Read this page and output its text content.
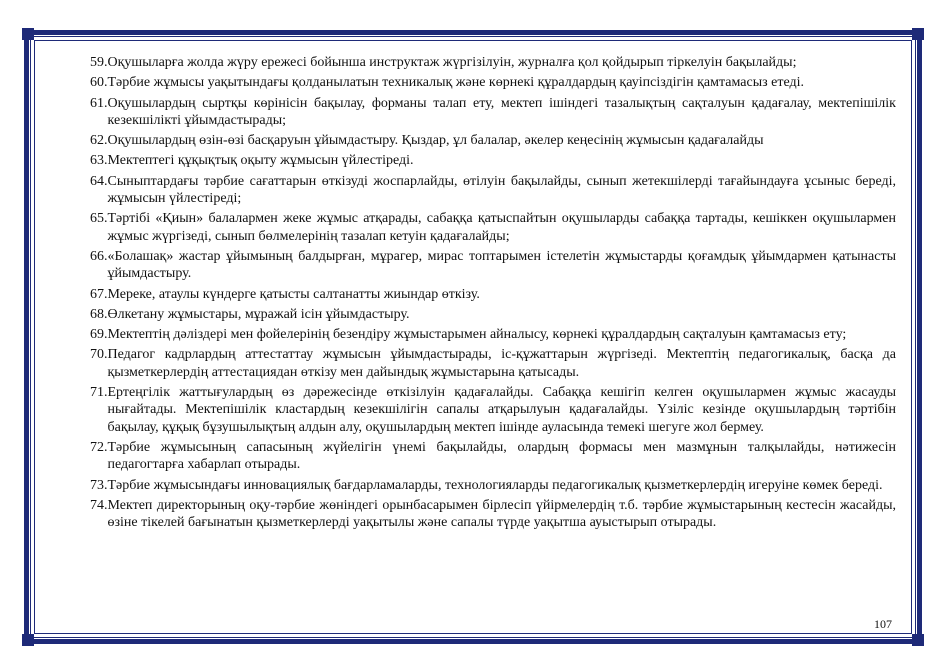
59. Оқушыларға жолда жүру ережесі бойынша инструктаж жүргізілуін, журналға қол қойдырып тіркелуін бақылайды;
60. Тәрбие жұмысы уақытындағы қолданылатын техникалық және көрнекі құралдардың қауіпсіздігін қамтамасыз етеді.
61. Оқушылардың сыртқы көрінісін бақылау, форманы талап ету, мектеп ішіндегі тазалықтың сақталуын қадағалау, мектепішілік кезекшілікті ұйымдастырады;
62. Оқушылардың өзін-өзі басқаруын ұйымдастыру. Қыздар, ұл балалар, әкелер кеңесінің жұмысын қадағалайды
63. Мектептегі құқықтық оқыту жұмысын үйлестіреді.
64. Сыныптардағы тәрбие сағаттарын өткізуді жоспарлайды, өтілуін бақылайды, сынып жетекшілерді тағайындауға ұсыныс береді, жұмысын үйлестіреді;
65. Тәртібі «Қиын» балалармен жеке жұмыс атқарады, сабаққа қатыспайтын оқушыларды сабаққа тартады, кешіккен оқушылармен жұмыс жүргізеді, сынып бөлмелерінің тазалап кетуін қадағалайды;
66. «Болашақ» жастар ұйымының балдырған, мұрагер, мирас топтарымен істелетін жұмыстарды қоғамдық ұйымдармен қатынасты ұйымдастыру.
67. Мереке, атаулы күндерге қатысты салтанатты жиындар өткізу.
68. Өлкетану жұмыстары, мұражай ісін ұйымдастыру.
69. Мектептің дәліздері мен фойелерінің безендіру жұмыстарымен айналысу, көрнекі құралдардың сақталуын қамтамасыз ету;
70. Педагог кадрлардың аттестаттау жұмысын ұйымдастырады, іс-құжаттарын жүргізеді. Мектептің педагогикалық, басқа да қызметкерлердің аттестациядан өткізу мен дайындық жұмыстарына қатысады.
71. Ертеңгілік жаттығулардың өз дәрежесінде өткізілуін қадағалайды. Сабаққа кешігіп келген оқушылармен жұмыс жасауды нығайтады. Мектепішілік кластардың кезекшілігін сапалы атқарылуын қадағалайды. Үзіліс кезінде оқушылардың тәртібін бақылау, құқық бұзушылықтың алдын алу, оқушылардың мектеп ішінде ауласында темекі шегуге жол бермеу.
72. Тәрбие жұмысының сапасының жүйелігін үнемі бақылайды, олардың формасы мен мазмұнын талқылайды, нәтижесін педагогтарға хабарлап отырады.
73. Тәрбие жұмысындағы инновациялық бағдарламаларды, технологияларды педагогикалық қызметкерлердің игеруіне көмек береді.
74. Мектеп директорының оқу-тәрбие жөніндегі орынбасарымен бірлесіп үйірмелердің т.б. тәрбие жұмыстарының кестесін жасайды, өзіне тікелей бағынатын қызметкерлерді уақытылы және сапалы түрде уақытша ауыстырып отырады.
107
